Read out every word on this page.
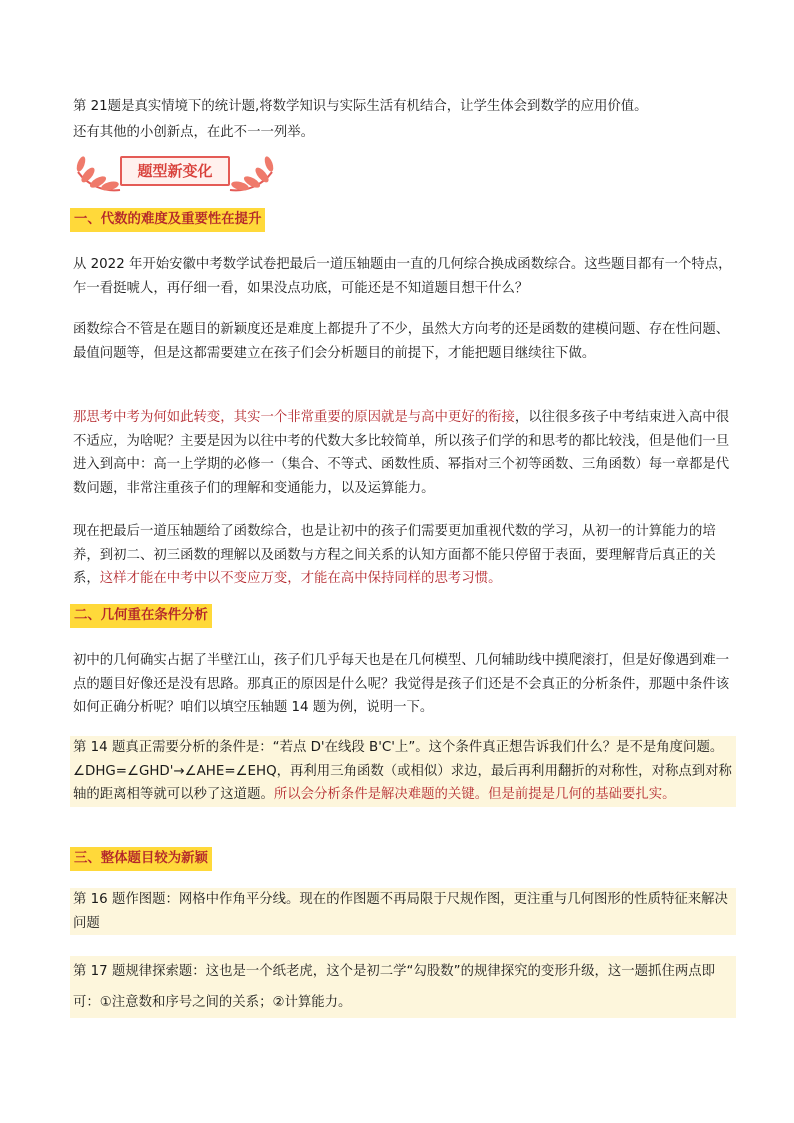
第 21题是真实情境下的统计题,将数学知识与实际生活有机结合，让学生体会到数学的应用价值。

还有其他的小创新点，在此不一一列举。

题型新变化
一、代数的难度及重要性在提升

从 2022 年开始安徽中考数学试卷把最后一道压轴题由一直的几何综合换成函数综合。这些题目都有一个特点，乍一看挺唬人，再仔细一看，如果没点功底，可能还是不知道题目想干什么？

函数综合不管是在题目的新颖度还是难度上都提升了不少，虽然大方向考的还是函数的建模问题、存在性问题、最值问题等，但是这都需要建立在孩子们会分析题目的前提下，才能把题目继续往下做。

那思考中考为何如此转变，其实一个非常重要的原因就是与高中更好的衔接，以往很多孩子中考结束进入高中很不适应，为啥呢？主要是因为以往中考的代数大多比较简单，所以孩子们学的和思考的都比较浅，但是他们一旦进入到高中：高一上学期的必修一（集合、不等式、函数性质、幂指对三个初等函数、三角函数）每一章都是代数问题，非常注重孩子们的理解和变通能力，以及运算能力。

现在把最后一道压轴题给了函数综合，也是让初中的孩子们需要更加重视代数的学习，从初一的计算能力的培养，到初二、初三函数的理解以及函数与方程之间关系的认知方面都不能只停留于表面，要理解背后真正的关系，这样才能在中考中以不变应万变，才能在高中保持同样的思考习惯。

二、几何重在条件分析

初中的几何确实占据了半壁江山，孩子们几乎每天也是在几何模型、几何辅助线中摸爬滚打，但是好像遇到难一点的题目好像还是没有思路。那真正的原因是什么呢？我觉得是孩子们还是不会真正的分析条件，那题中条件该如何正确分析呢？咱们以填空压轴题 14 题为例，说明一下。

第 14 题真正需要分析的条件是：“若点 D'在线段 B'C'上”。这个条件真正想告诉我们什么？是不是角度问题。∠DHG=∠GHD'→∠AHE=∠EHQ，再利用三角函数（或相似）求边，最后再利用翻折的对称性，对称点到对称轴的距离相等就可以秒了这道题。所以会分析条件是解决难题的关键。但是前提是几何的基础要扎实。

三、整体题目较为新颖

第 16 题作图题：网格中作角平分线。现在的作图题不再局限于尺规作图，更注重与几何图形的性质特征来解决问题

第 17 题规律探索题：这也是一个纸老虎，这个是初二学“勾股数”的规律探究的变形升级，这一题抓住两点即可：①注意数和序号之间的关系；②计算能力。
